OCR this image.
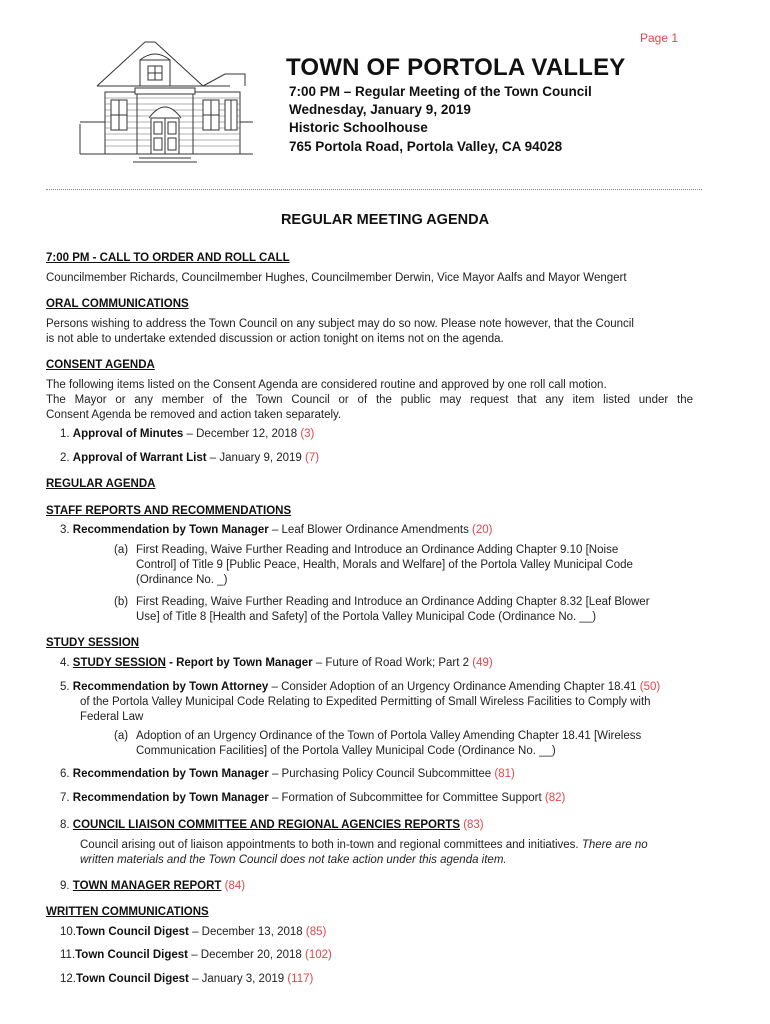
Page 1
TOWN OF PORTOLA VALLEY
7:00 PM – Regular Meeting of the Town Council
Wednesday, January 9, 2019
Historic Schoolhouse
765 Portola Road, Portola Valley, CA 94028
REGULAR MEETING AGENDA
7:00 PM - CALL TO ORDER AND ROLL CALL
Councilmember Richards, Councilmember Hughes, Councilmember Derwin, Vice Mayor Aalfs and Mayor Wengert
ORAL COMMUNICATIONS
Persons wishing to address the Town Council on any subject may do so now. Please note however, that the Council
is not able to undertake extended discussion or action tonight on items not on the agenda.
CONSENT AGENDA
The following items listed on the Consent Agenda are considered routine and approved by one roll call motion.
The Mayor or any member of the Town Council or of the public may request that any item listed under the
Consent Agenda be removed and action taken separately.
1. Approval of Minutes – December 12, 2018 (3)
2. Approval of Warrant List – January 9, 2019 (7)
REGULAR AGENDA
STAFF REPORTS AND RECOMMENDATIONS
3. Recommendation by Town Manager – Leaf Blower Ordinance Amendments (20)
(a) First Reading, Waive Further Reading and Introduce an Ordinance Adding Chapter 9.10 [Noise
Control] of Title 9 [Public Peace, Health, Morals and Welfare] of the Portola Valley Municipal Code
(Ordinance No. _)
(b) First Reading, Waive Further Reading and Introduce an Ordinance Adding Chapter 8.32 [Leaf Blower
Use] of Title 8 [Health and Safety] of the Portola Valley Municipal Code (Ordinance No. __)
STUDY SESSION
4. STUDY SESSION - Report by Town Manager – Future of Road Work; Part 2 (49)
5. Recommendation by Town Attorney – Consider Adoption of an Urgency Ordinance Amending Chapter 18.41 (50)
of the Portola Valley Municipal Code Relating to Expedited Permitting of Small Wireless Facilities to Comply with
Federal Law
(a) Adoption of an Urgency Ordinance of the Town of Portola Valley Amending Chapter 18.41 [Wireless
Communication Facilities] of the Portola Valley Municipal Code (Ordinance No. __)
6. Recommendation by Town Manager – Purchasing Policy Council Subcommittee (81)
7. Recommendation by Town Manager – Formation of Subcommittee for Committee Support (82)
8. COUNCIL LIAISON COMMITTEE AND REGIONAL AGENCIES REPORTS (83)
Council arising out of liaison appointments to both in-town and regional committees and initiatives. There are no
written materials and the Town Council does not take action under this agenda item.
9. TOWN MANAGER REPORT (84)
WRITTEN COMMUNICATIONS
10.Town Council Digest – December 13, 2018 (85)
11.Town Council Digest – December 20, 2018 (102)
12.Town Council Digest – January 3, 2019 (117)
